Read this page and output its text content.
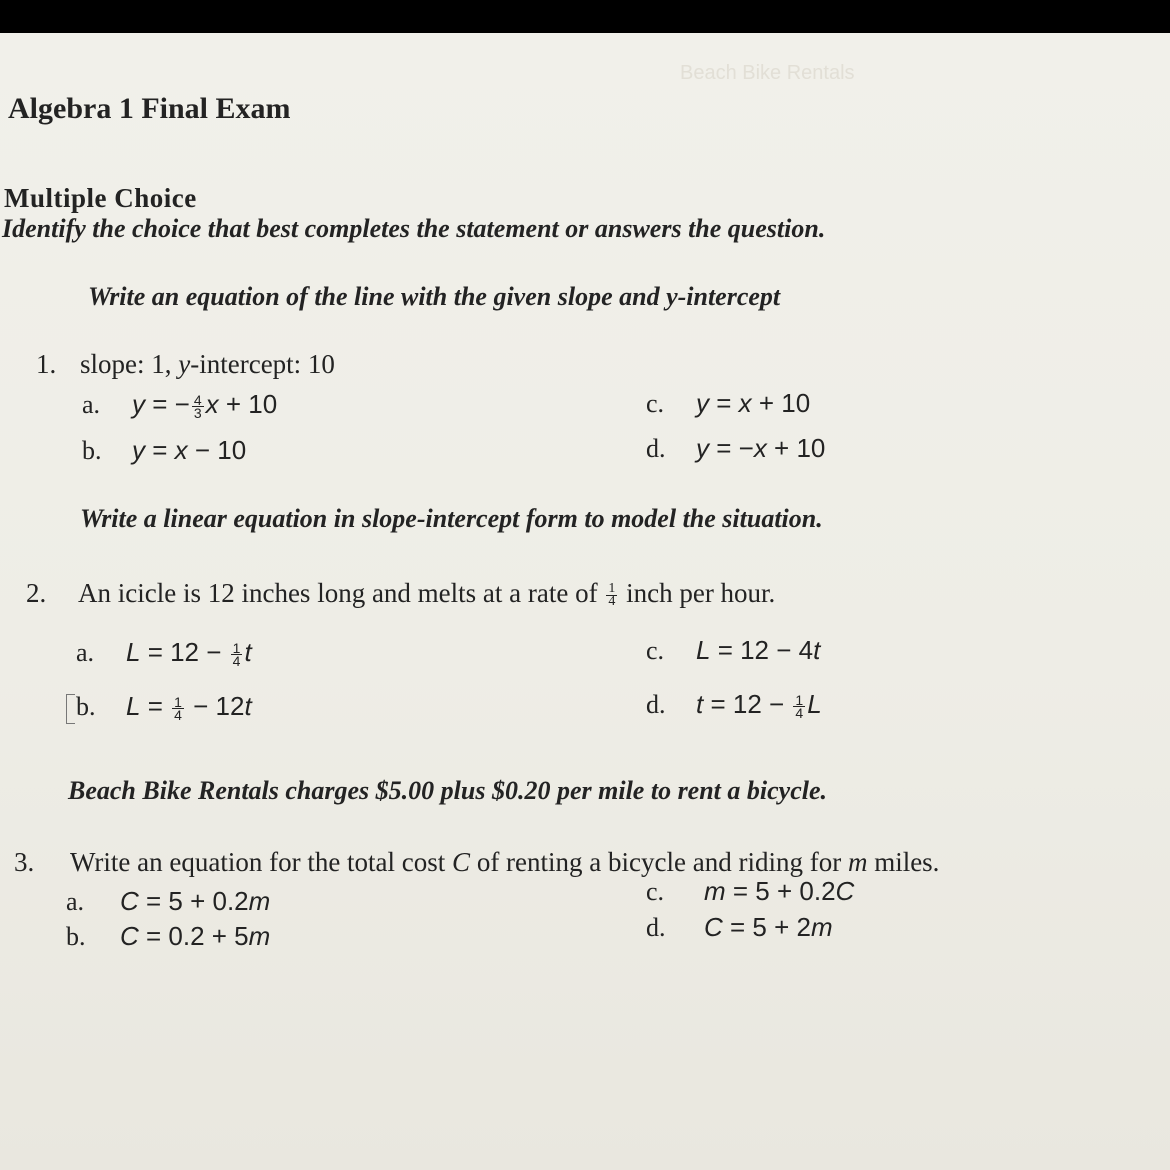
Beach Bike Rentals
Algebra 1 Final Exam
Multiple Choice
Identify the choice that best completes the statement or answers the question.
Write an equation of the line with the given slope and y-intercept
1. slope: 1, y-intercept: 10
a. y = − $\frac{4}{3}$ x + 10
b. y = x − 10
c. y = x + 10
d. y = −x + 10
Write a linear equation in slope-intercept form to model the situation.
2. An icicle is 12 inches long and melts at a rate of $\frac{1}{4}$ inch per hour.
a. $L = 12 - \frac{1}{4}$ t
b. $L = \frac{1}{4} - 12t$
c. L = 12 − 4t
d. $t = 12 - \frac{1}{4}$ L
Beach Bike Rentals charges $5.00 plus $0.20 per mile to rent a bicycle.
3. Write an equation for the total cost C of renting a bicycle and riding for m miles.
a. C = 5 + 0.2m
b. C = 0.2 + 5m
c. m = 5 + 0.2C
d. C = 5 + 2m
